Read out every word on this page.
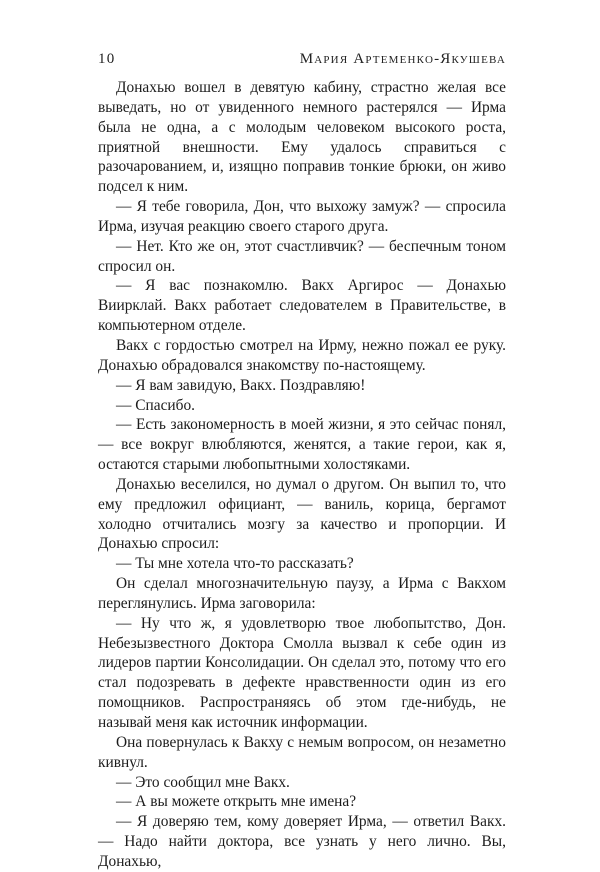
10	Мария Артеменко-Якушева

Донахью вошел в девятую кабину, страстно желая все выведать, но от увиденного немного растерялся — Ирма была не одна, а с молодым человеком высокого роста, приятной внешности. Ему удалось справиться с разочарованием, и, изящно поправив тонкие брюки, он живо подсел к ним.

— Я тебе говорила, Дон, что выхожу замуж? — спросила Ирма, изучая реакцию своего старого друга.

— Нет. Кто же он, этот счастливчик? — беспечным тоном спросил он.

— Я вас познакомлю. Вакх Аргирос — Донахью Виирклай. Вакх работает следователем в Правительстве, в компьютерном отделе.

Вакх с гордостью смотрел на Ирму, нежно пожал ее руку. Донахью обрадовался знакомству по-настоящему.

— Я вам завидую, Вакх. Поздравляю!

— Спасибо.

— Есть закономерность в моей жизни, я это сейчас понял, — все вокруг влюбляются, женятся, а такие герои, как я, остаются старыми любопытными холостяками.

Донахью веселился, но думал о другом. Он выпил то, что ему предложил официант, — ваниль, корица, бергамот холодно отчитались мозгу за качество и пропорции. И Донахью спросил:

— Ты мне хотела что-то рассказать?

Он сделал многозначительную паузу, а Ирма с Вакхом переглянулись. Ирма заговорила:

— Ну что ж, я удовлетворю твое любопытство, Дон. Небезызвестного Доктора Смолла вызвал к себе один из лидеров партии Консолидации. Он сделал это, потому что его стал подозревать в дефекте нравственности один из его помощников. Распространяясь об этом где-нибудь, не называй меня как источник информации.

Она повернулась к Вакху с немым вопросом, он незаметно кивнул.

— Это сообщил мне Вакх.

— А вы можете открыть мне имена?

— Я доверяю тем, кому доверяет Ирма, — ответил Вакх. — Надо найти доктора, все узнать у него лично. Вы, Донахью,
